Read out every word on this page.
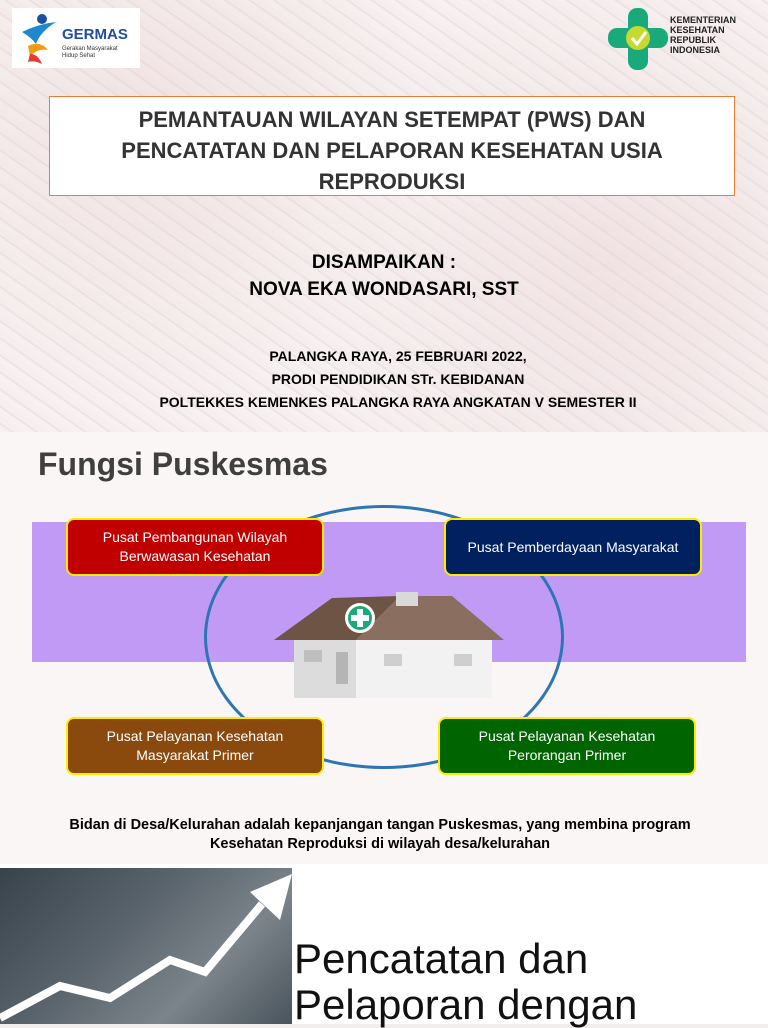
GERMAS
Gerakan Masyarakat
Hidup Sehat
KEMENTERIAN
KESEHATAN
REPUBLIK
INDONESIA
PEMANTAUAN WILAYAN SETEMPAT (PWS) DAN
PENCATATAN DAN PELAPORAN KESEHATAN USIA
REPRODUKSI
DISAMPAIKAN :
NOVA EKA WONDASARI, SST
PALANGKA RAYA, 25 FEBRUARI 2022,
PRODI PENDIDIKAN STr. KEBIDANAN
POLTEKKES KEMENKES PALANGKA RAYA ANGKATAN V SEMESTER II
Fungsi Puskesmas
Pusat Pembangunan Wilayah
Berwawasan Kesehatan
Pusat Pemberdayaan Masyarakat
Pusat Pelayanan Kesehatan
Masyarakat Primer
Pusat Pelayanan Kesehatan
Perorangan Primer
Bidan di Desa/Kelurahan adalah kepanjangan tangan Puskesmas, yang membina program
Kesehatan Reproduksi di wilayah desa/kelurahan
Pencatatan dan
Pelaporan dengan
